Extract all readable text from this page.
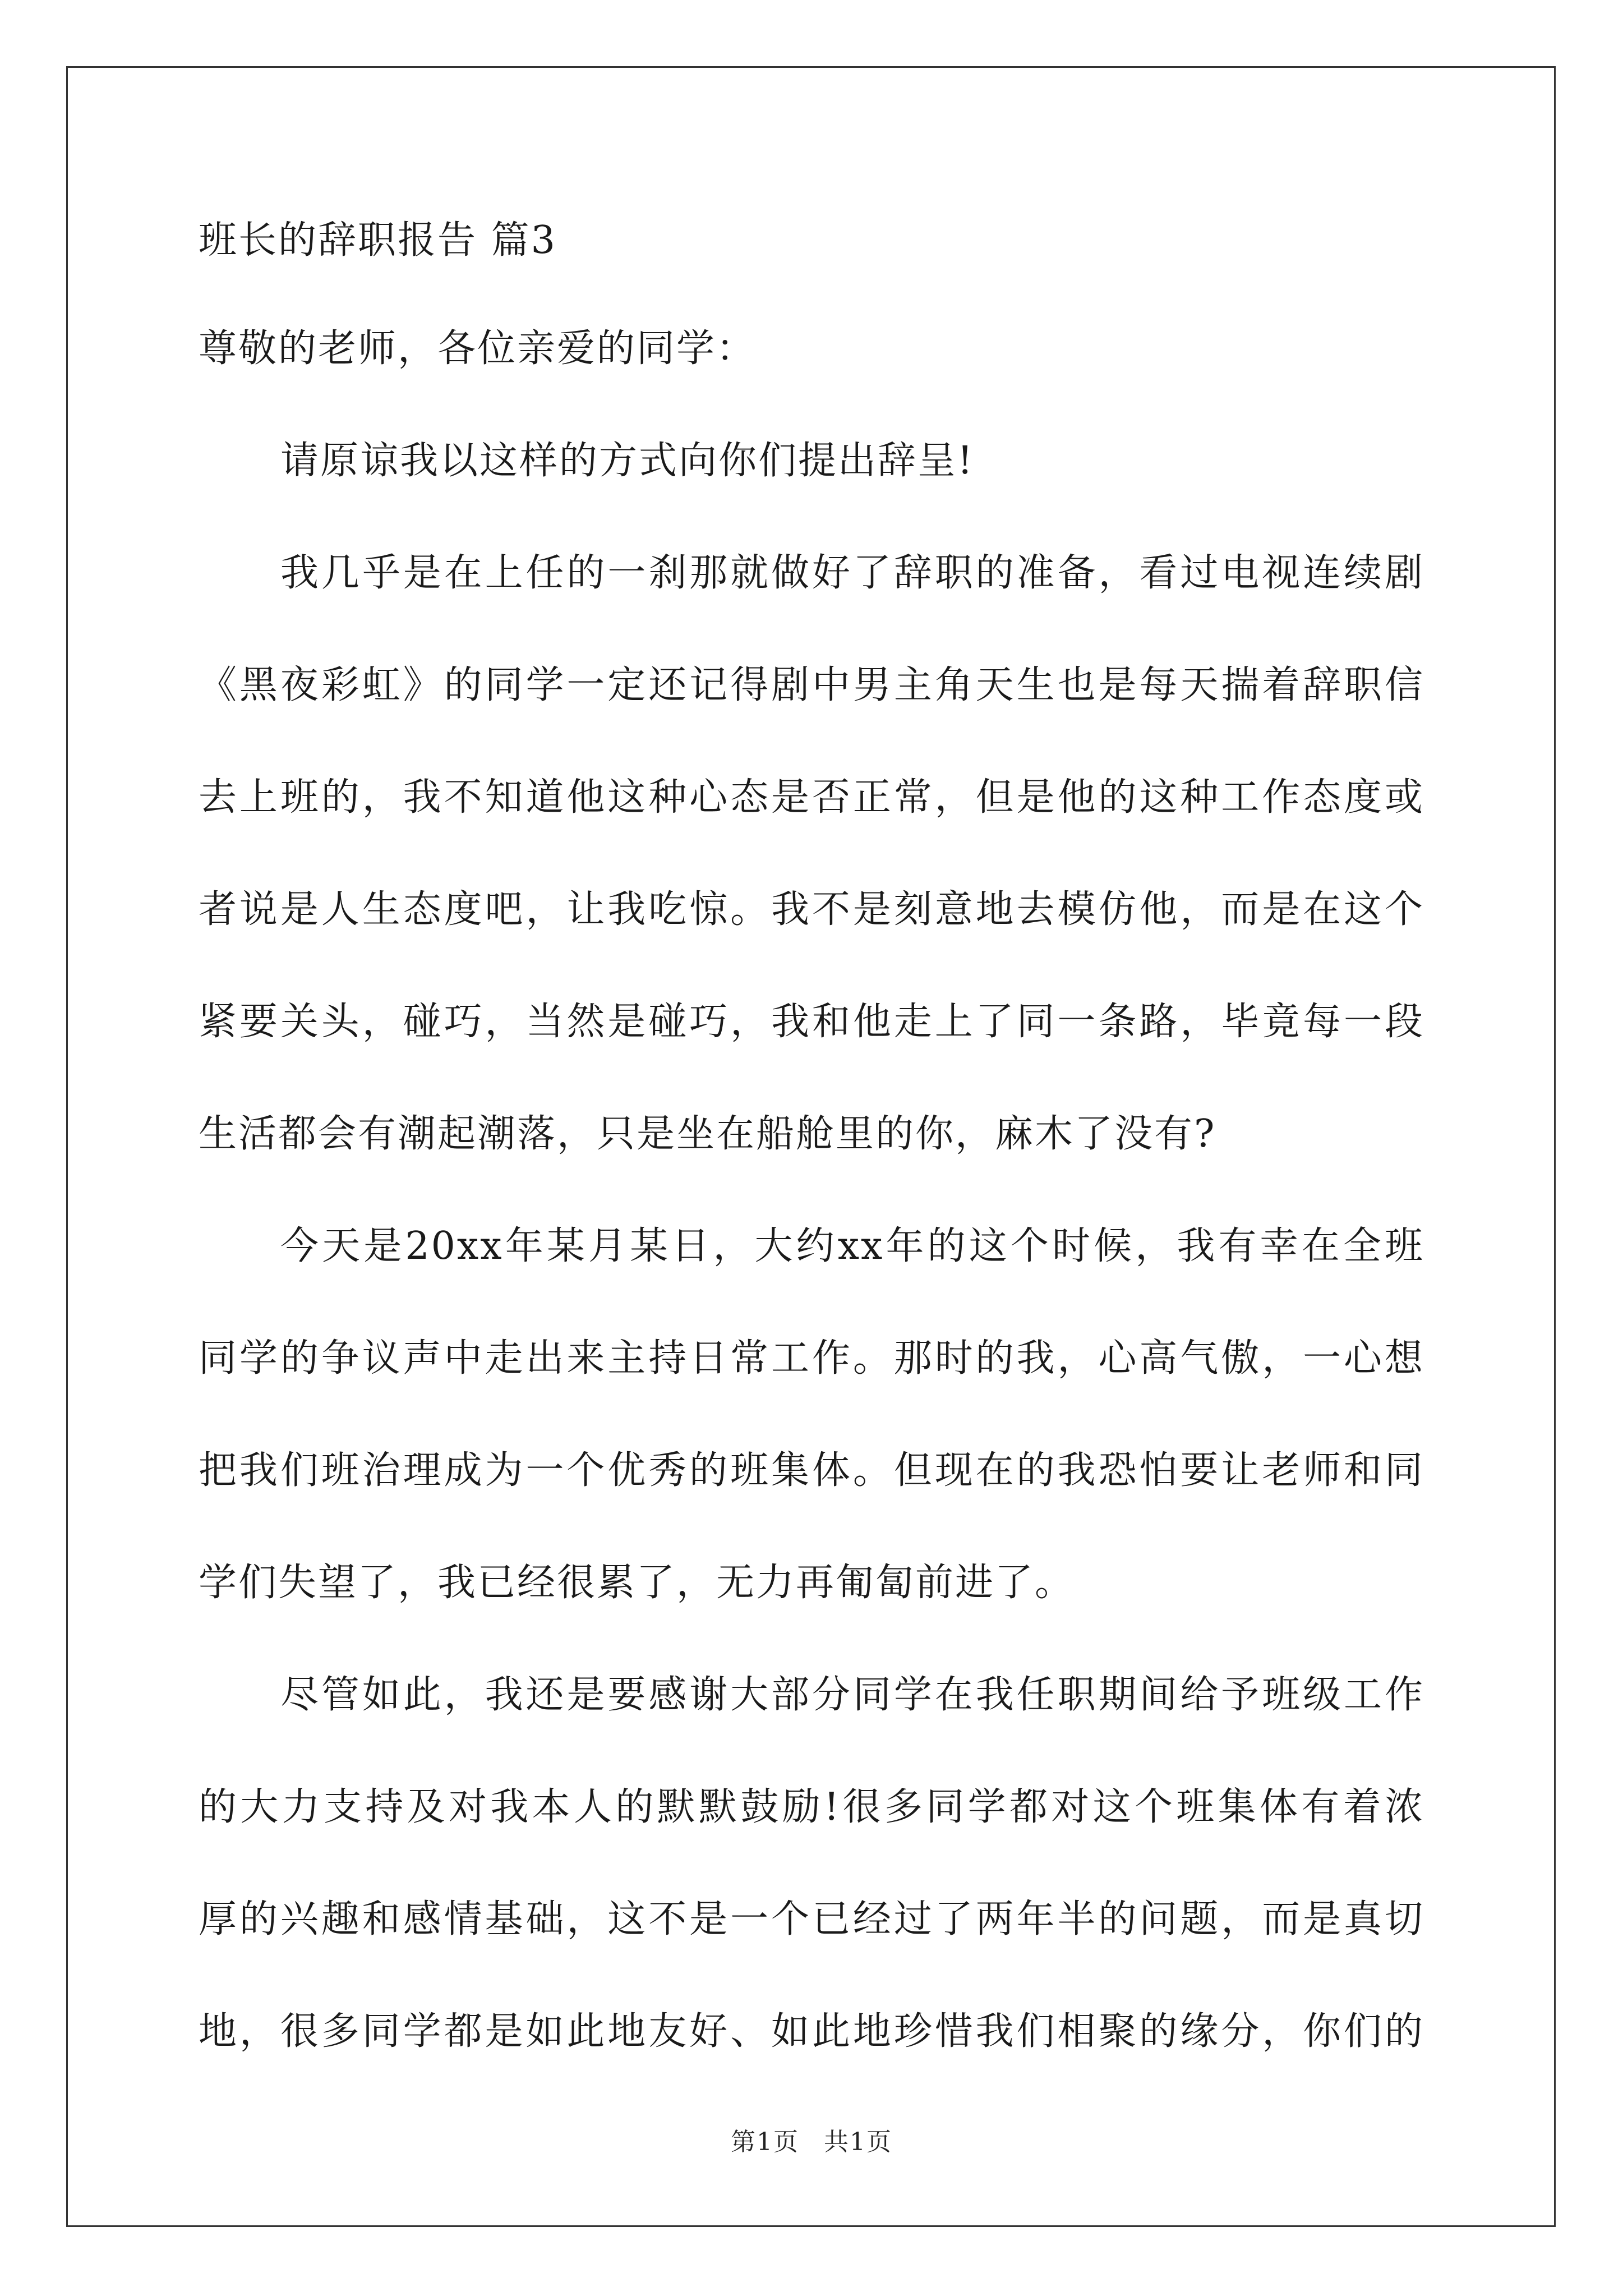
班长的辞职报告 篇3
尊敬的老师，各位亲爱的同学：
请原谅我以这样的方式向你们提出辞呈!
我几乎是在上任的一刹那就做好了辞职的准备，看过电视连续剧
《黑夜彩虹》的同学一定还记得剧中男主角天生也是每天揣着辞职信
去上班的，我不知道他这种心态是否正常，但是他的这种工作态度或
者说是人生态度吧，让我吃惊。我不是刻意地去模仿他，而是在这个
紧要关头，碰巧，当然是碰巧，我和他走上了同一条路，毕竟每一段
生活都会有潮起潮落，只是坐在船舱里的你，麻木了没有?
今天是20xx年某月某日，大约xx年的这个时候，我有幸在全班
同学的争议声中走出来主持日常工作。那时的我，心高气傲，一心想
把我们班治理成为一个优秀的班集体。但现在的我恐怕要让老师和同
学们失望了，我已经很累了，无力再匍匐前进了。
尽管如此，我还是要感谢大部分同学在我任职期间给予班级工作
的大力支持及对我本人的默默鼓励!很多同学都对这个班集体有着浓
厚的兴趣和感情基础，这不是一个已经过了两年半的问题，而是真切
地，很多同学都是如此地友好、如此地珍惜我们相聚的缘分，你们的
第1页 共1页
